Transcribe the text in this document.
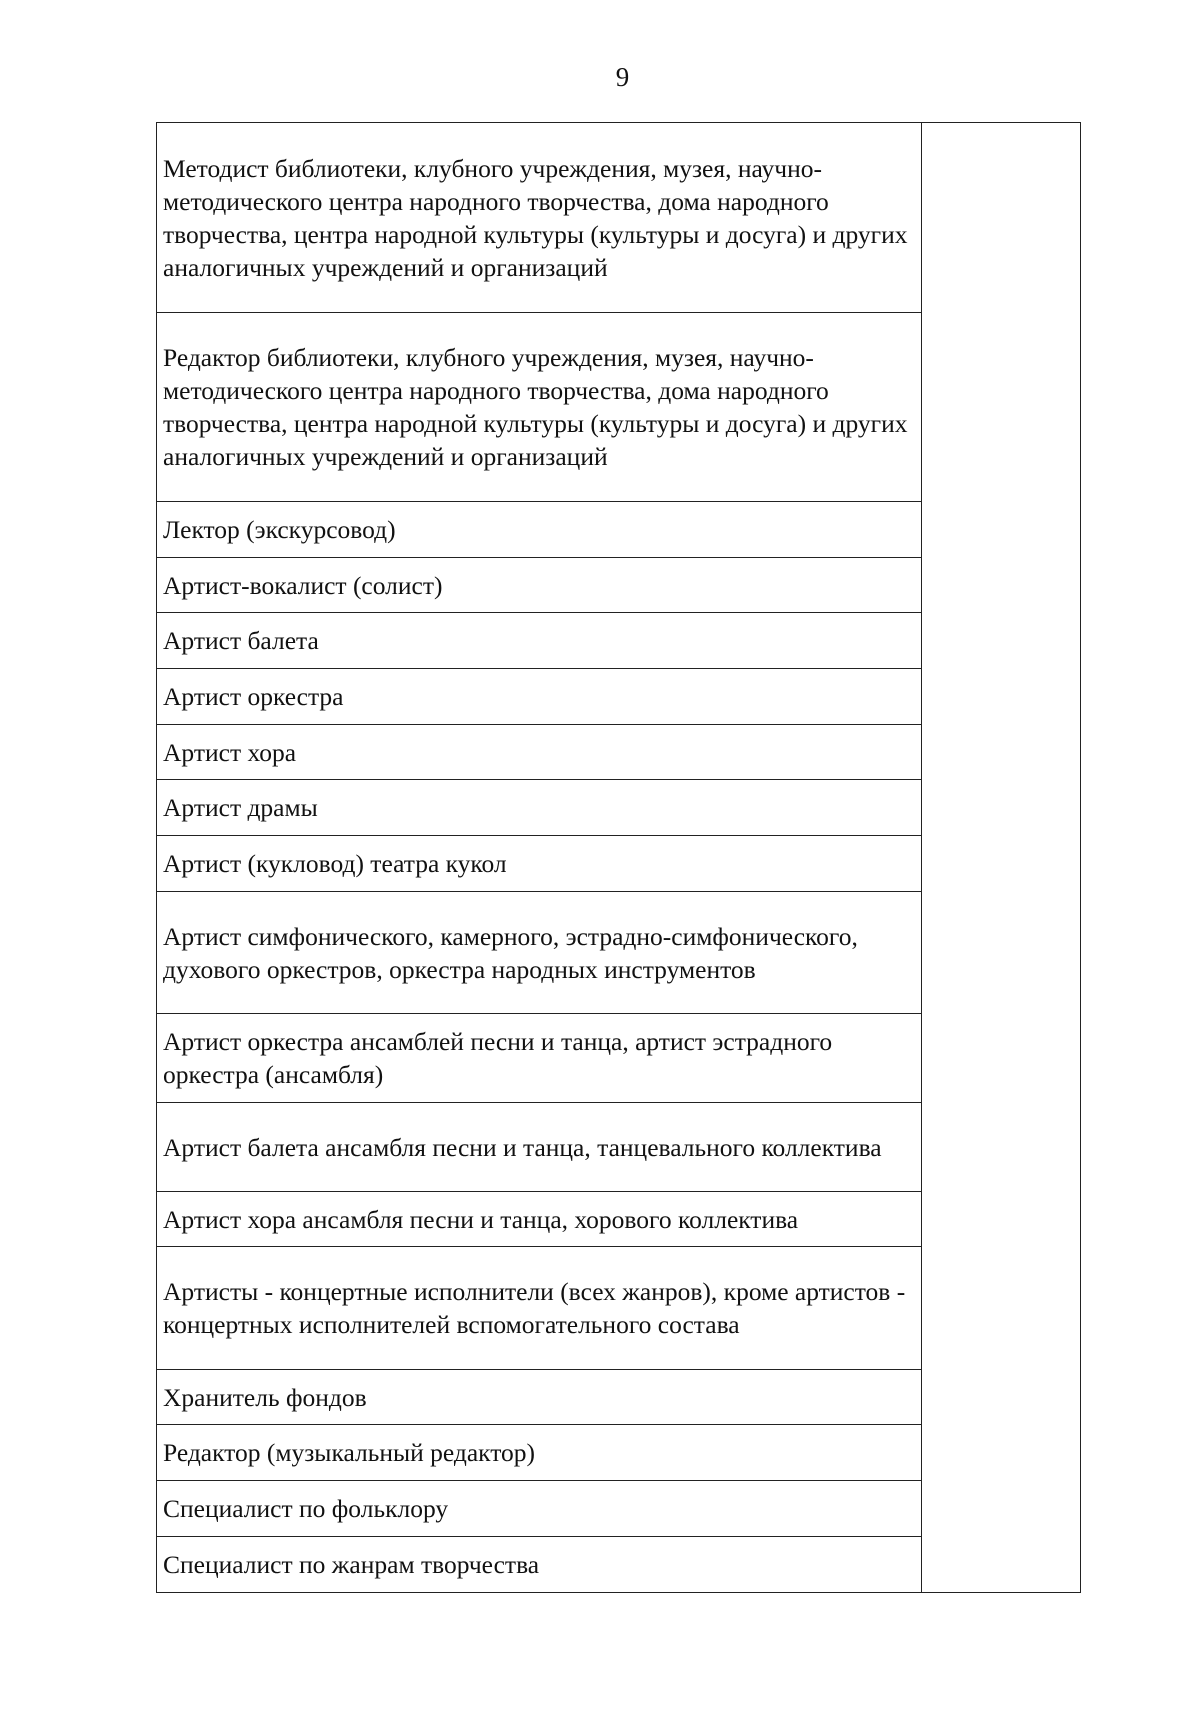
9
Методист библиотеки, клубного учреждения, музея, научно-методического центра народного творчества, дома народного творчества, центра народной культуры (культуры и досуга) и других аналогичных учреждений и организаций	
Редактор библиотеки, клубного учреждения, музея, научно-методического центра народного творчества, дома народного творчества, центра народной культуры (культуры и досуга) и других аналогичных учреждений и организаций
Лектор (экскурсовод)
Артист-вокалист (солист)
Артист балета
Артист оркестра
Артист хора
Артист драмы
Артист (кукловод) театра кукол
Артист симфонического, камерного, эстрадно-симфонического, духового оркестров, оркестра народных инструментов
Артист оркестра ансамблей песни и танца, артист эстрадного оркестра (ансамбля)
Артист балета ансамбля песни и танца, танцевального коллектива
Артист хора ансамбля песни и танца, хорового коллектива
Артисты - концертные исполнители (всех жанров), кроме артистов - концертных исполнителей вспомогательного состава
Хранитель фондов
Редактор (музыкальный редактор)
Специалист по фольклору
Специалист по жанрам творчества
